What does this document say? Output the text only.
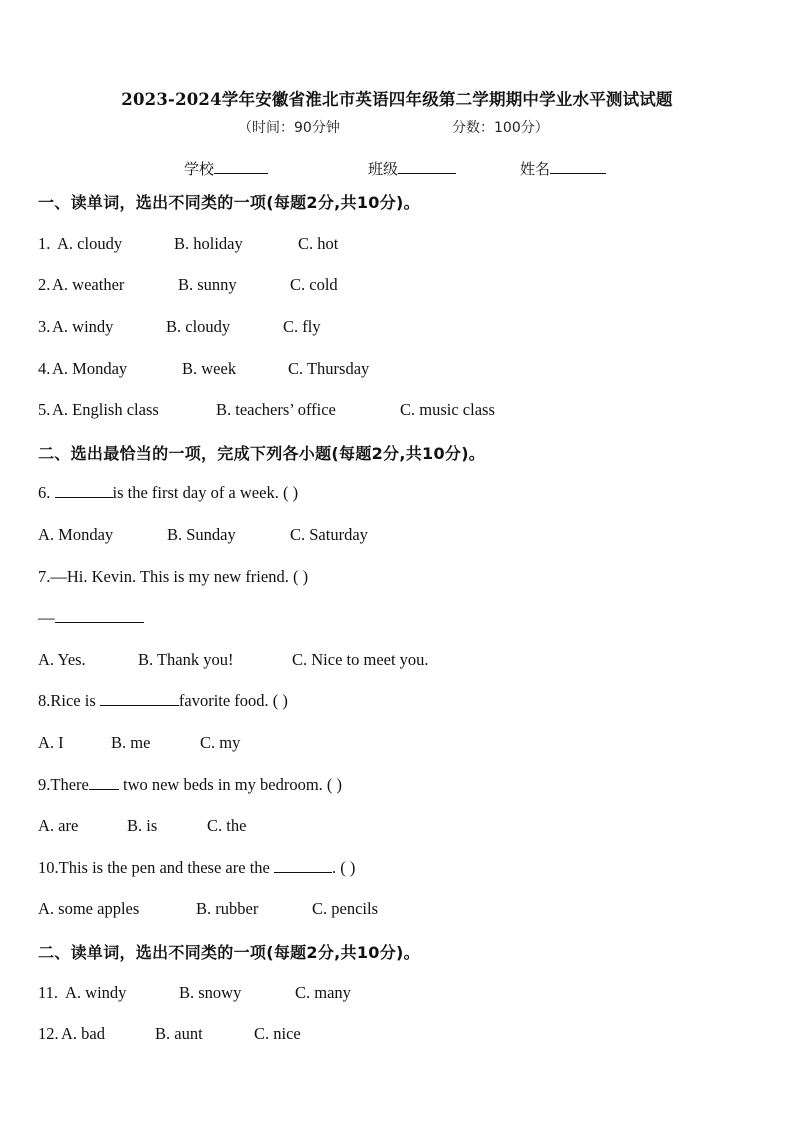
2023-2024学年安徽省淮北市英语四年级第二学期期中学业水平测试试题
（时间：90分钟	分数：100分）
学校	班级	姓名
一、读单词，选出不同类的一项(每题2分,共10分)。
1. A. cloudy	B. holiday	C. hot
2. A. weather	B. sunny	C. cold
3. A. windy	B. cloudy	C. fly
4. A. Monday	B. week	C. Thursday
5. A. English class	B. teachers’ office	C. music class
二、选出最恰当的一项，完成下列各小题(每题2分,共10分)。
6.	is the first day of a week. ( )
A. Monday	B. Sunday	C. Saturday
7.—Hi. Kevin. This is my new friend. ( )
—
A. Yes.	B. Thank you!	C. Nice to meet you.
8.Rice is	favorite food. ( )
A. I	B. me	C. my
9.There two new beds in my bedroom. ( )
A. are	B. is	C. the
10.This is the pen and these are the	. ( )
A. some apples	B. rubber	C. pencils
二、读单词，选出不同类的一项(每题2分,共10分)。
11. A. windy	B. snowy	C. many
12. A. bad	B. aunt	C. nice
